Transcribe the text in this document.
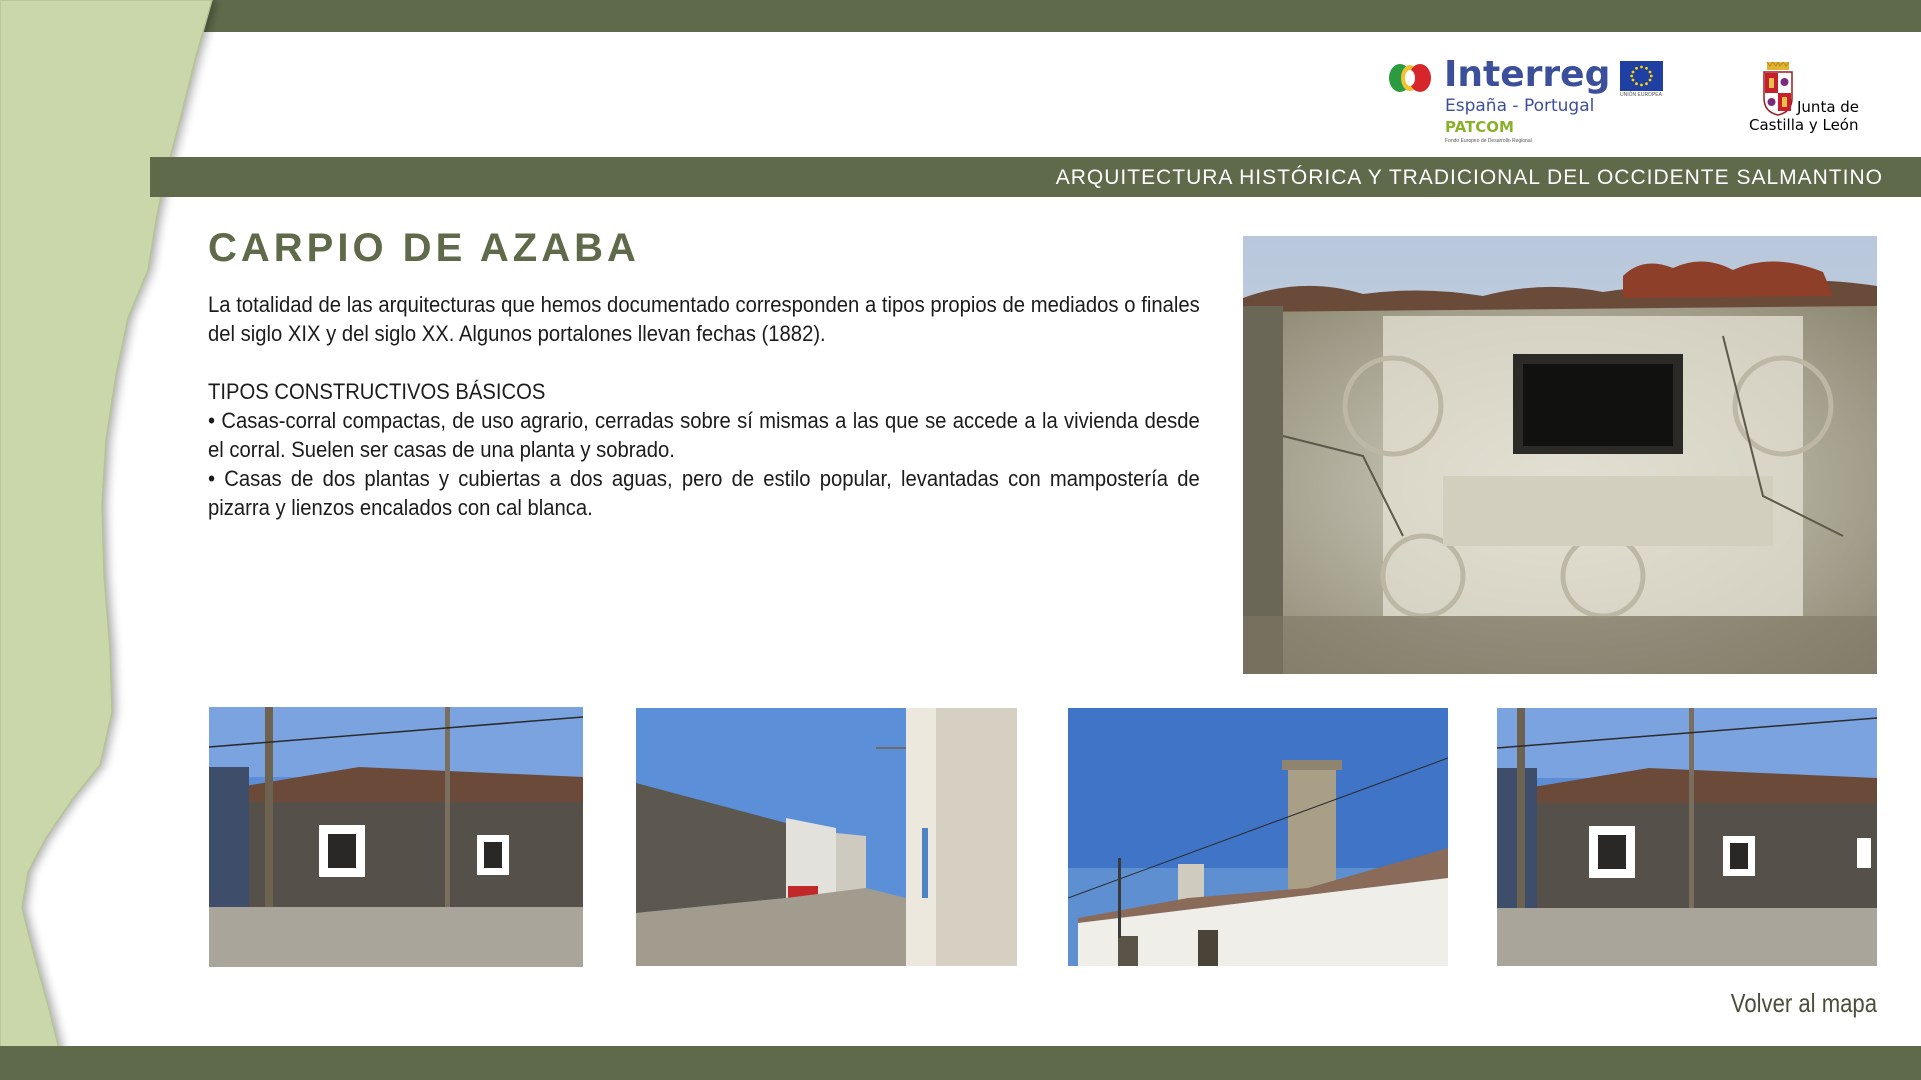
Interreg UNIÓN EUROPEA
España - Portugal
PATCOM
Fondo Europeo de Desarrollo Regional
Junta de
Castilla y León
ARQUITECTURA HISTÓRICA Y TRADICIONAL DEL OCCIDENTE SALMANTINO
CARPIO DE AZABA

La totalidad de las arquitecturas que hemos documentado corresponden a tipos propios de mediados o finales del siglo XIX y del siglo XX. Algunos portalones llevan fechas (1882).

TIPOS CONSTRUCTIVOS BÁSICOS

• Casas-corral compactas, de uso agrario, cerradas sobre sí mismas a las que se accede a la vivienda desde el corral. Suelen ser casas de una planta y sobrado.

• Casas de dos plantas y cubiertas a dos aguas, pero de estilo popular, levantadas con mampostería de pizarra y lienzos encalados con cal blanca.

Volver al mapa
